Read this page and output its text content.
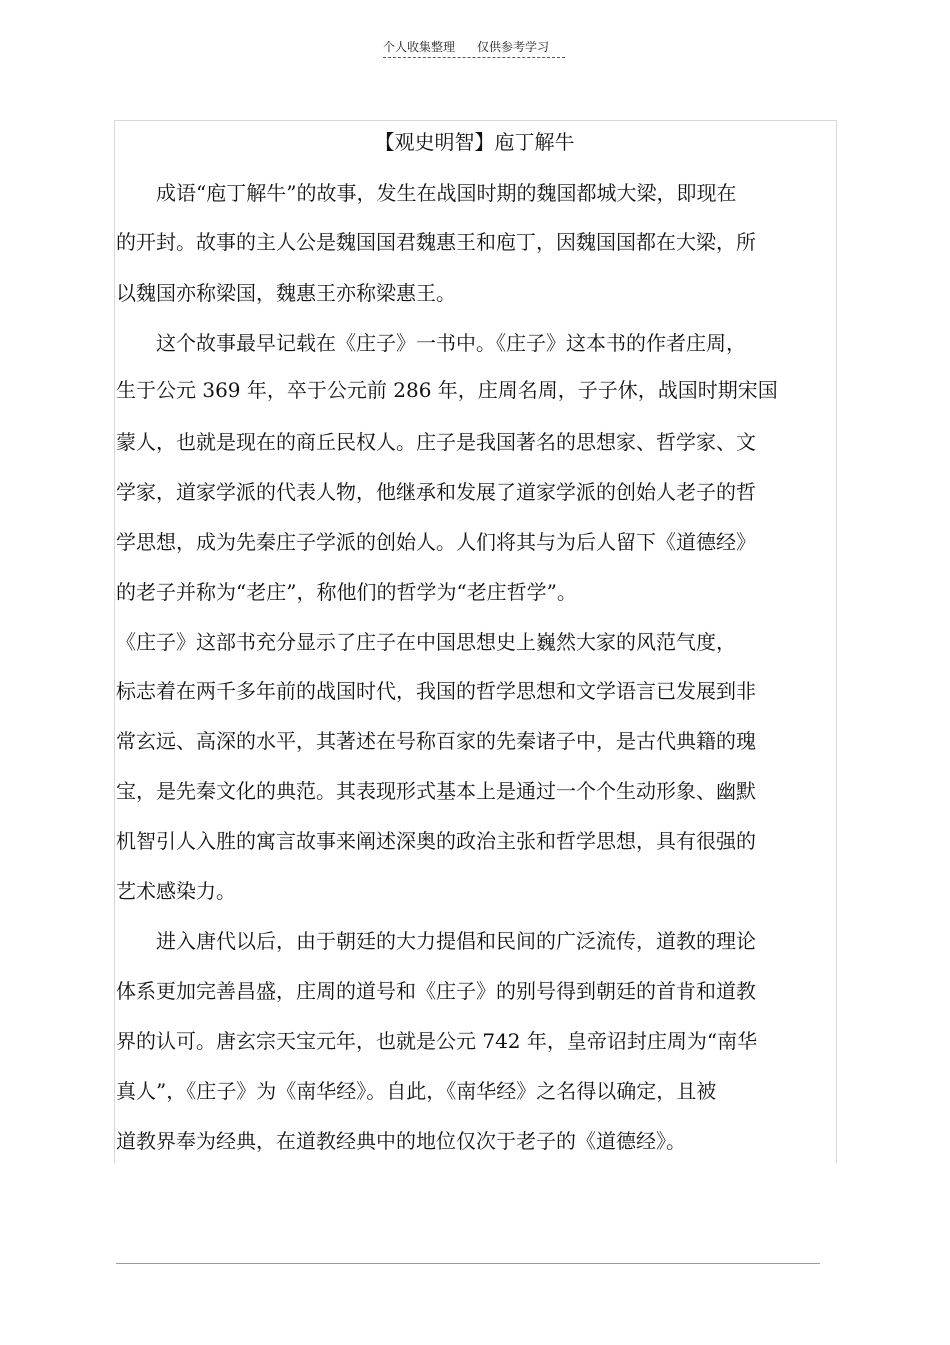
个人收集整理 仅供参考学习
【观史明智】庖丁解牛
　　成语“庖丁解牛”的故事，发生在战国时期的魏国都城大梁，即现在
的开封。故事的主人公是魏国国君魏惠王和庖丁，因魏国国都在大梁，所
以魏国亦称梁国，魏惠王亦称梁惠王。
　　这个故事最早记载在《庄子》一书中。《庄子》这本书的作者庄周，
生于公元 369 年，卒于公元前 286 年，庄周名周，子子休，战国时期宋国
蒙人，也就是现在的商丘民权人。庄子是我国著名的思想家、哲学家、文
学家，道家学派的代表人物，他继承和发展了道家学派的创始人老子的哲
学思想，成为先秦庄子学派的创始人。人们将其与为后人留下《道德经》
的老子并称为“老庄”，称他们的哲学为“老庄哲学”。
《庄子》这部书充分显示了庄子在中国思想史上巍然大家的风范气度，
标志着在两千多年前的战国时代，我国的哲学思想和文学语言已发展到非
常玄远、高深的水平，其著述在号称百家的先秦诸子中，是古代典籍的瑰
宝，是先秦文化的典范。其表现形式基本上是通过一个个生动形象、幽默
机智引人入胜的寓言故事来阐述深奥的政治主张和哲学思想，具有很强的
艺术感染力。
　　进入唐代以后，由于朝廷的大力提倡和民间的广泛流传，道教的理论
体系更加完善昌盛，庄周的道号和《庄子》的别号得到朝廷的首肯和道教
界的认可。唐玄宗天宝元年，也就是公元 742 年，皇帝诏封庄周为“南华
真人”，《庄子》为《南华经》。自此，《南华经》之名得以确定，且被
道教界奉为经典，在道教经典中的地位仅次于老子的《道德经》。
